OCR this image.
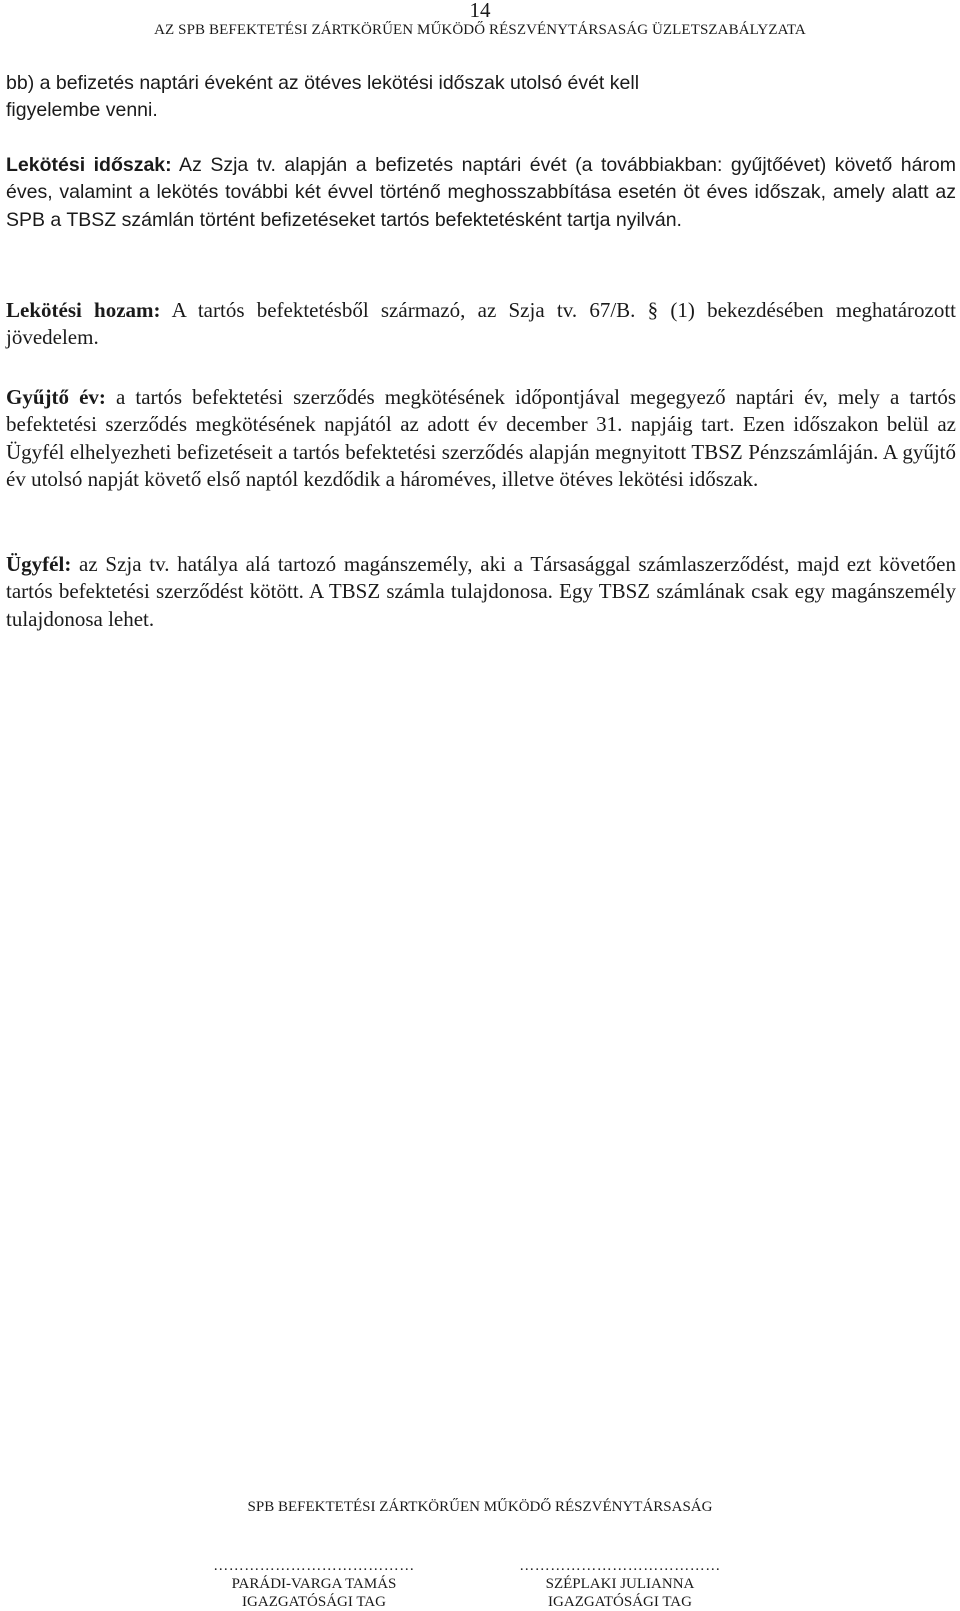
14
AZ SPB BEFEKTETÉSI ZÁRTKÖRŰEN MŰKÖDŐ RÉSZVÉNYTÁRSASÁG ÜZLETSZABÁLYZATA

bb) a befizetés naptári éveként az ötéves lekötési időszak utolsó évét kell figyelembe venni.

Lekötési időszak: Az Szja tv. alapján a befizetés naptári évét (a továbbiakban: gyűjtőévet) követő három éves, valamint a lekötés további két évvel történő meghosszabbítása esetén öt éves időszak, amely alatt az SPB a TBSZ számlán történt befizetéseket tartós befektetésként tartja nyilván.

Lekötési hozam: A tartós befektetésből származó, az Szja tv. 67/B. § (1) bekezdésében meghatározott jövedelem.

Gyűjtő év: a tartós befektetési szerződés megkötésének időpontjával megegyező naptári év, mely a tartós befektetési szerződés megkötésének napjától az adott év december 31. napjáig tart. Ezen időszakon belül az Ügyfél elhelyezheti befizetéseit a tartós befektetési szerződés alapján megnyitott TBSZ Pénzszámláján. A gyűjtő év utolsó napját követő első naptól kezdődik a hároméves, illetve ötéves lekötési időszak.

Ügyfél: az Szja tv. hatálya alá tartozó magánszemély, aki a Társasággal számlaszerződést, majd ezt követően tartós befektetési szerződést kötött. A TBSZ számla tulajdonosa. Egy TBSZ számlának csak egy magánszemély tulajdonosa lehet.

SPB BEFEKTETÉSI ZÁRTKÖRŰEN MŰKÖDŐ RÉSZVÉNYTÁRSASÁG
…………………………………
PARÁDI-VARGA TAMÁS
IGAZGATÓSÁGI TAG
…………………………………
SZÉPLAKI JULIANNA
IGAZGATÓSÁGI TAG
